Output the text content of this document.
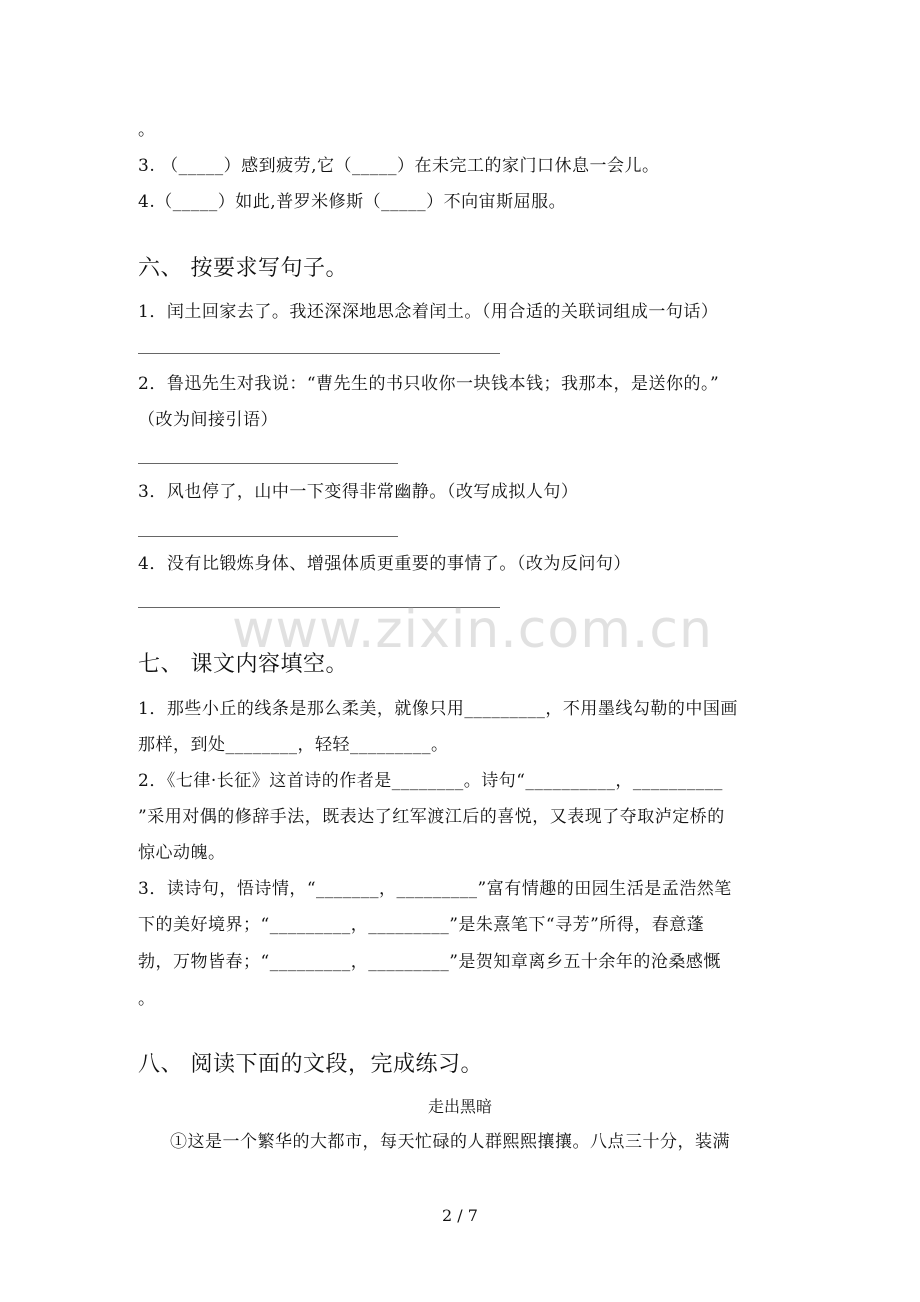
。
3. （_____）感到疲劳,它（_____）在未完工的家门口休息一会儿。
4.（_____）如此,普罗米修斯（_____）不向宙斯屈服。
六、 按要求写句子。
1．闰土回家去了。我还深深地思念着闰土。（用合适的关联词组成一句话）
2．鲁迅先生对我说：“曹先生的书只收你一块钱本钱；我那本，是送你的。”
（改为间接引语）
3．风也停了，山中一下变得非常幽静。（改写成拟人句）
4．没有比锻炼身体、增强体质更重要的事情了。（改为反问句）
www.zixin.com.cn
七、 课文内容填空。
1．那些小丘的线条是那么柔美，就像只用_________，不用墨线勾勒的中国画
那样，到处________，轻轻_________。
2．《七律·长征》这首诗的作者是________。诗句“__________，__________
”采用对偶的修辞手法，既表达了红军渡江后的喜悦，又表现了夺取泸定桥的
惊心动魄。
3．读诗句，悟诗情，“_______，_________”富有情趣的田园生活是孟浩然笔
下的美好境界；“_________，_________”是朱熹笔下“寻芳”所得，春意蓬
勃，万物皆春；“_________，_________”是贺知章离乡五十余年的沧桑感慨
。
八、 阅读下面的文段，完成练习。
走出黑暗
①这是一个繁华的大都市，每天忙碌的人群熙熙攘攘。八点三十分，装满
2 / 7
